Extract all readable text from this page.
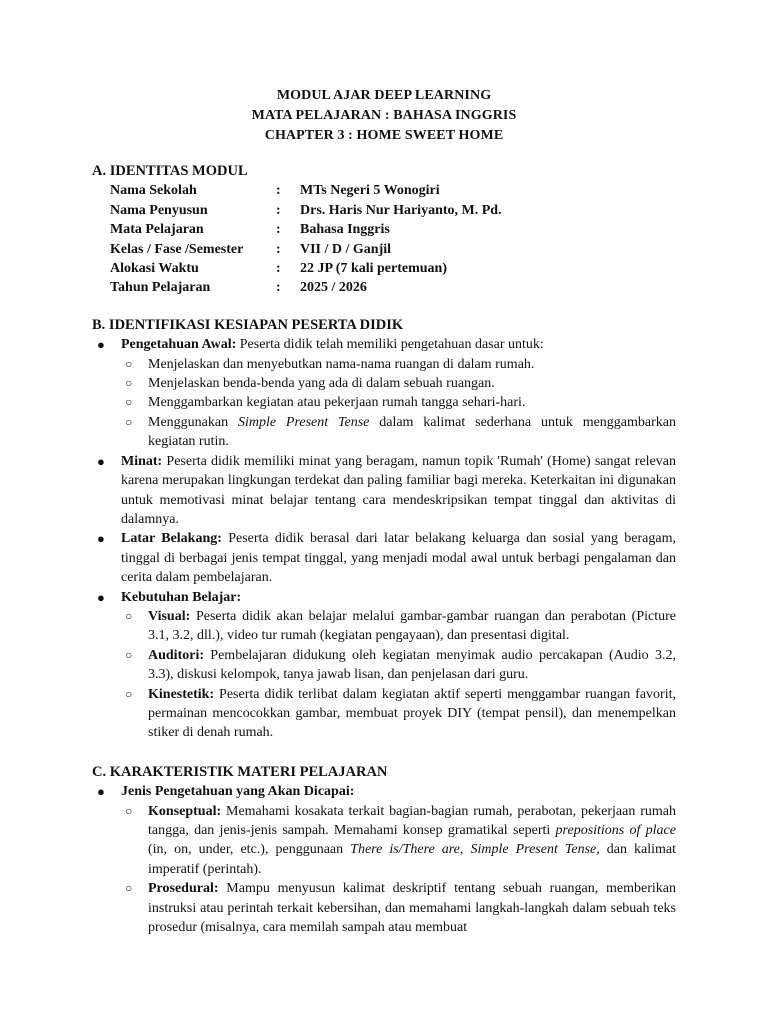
MODUL AJAR DEEP LEARNING
MATA PELAJARAN : BAHASA INGGRIS
CHAPTER 3 : HOME SWEET HOME
A. IDENTITAS MODUL
Nama Sekolah	:	MTs Negeri 5 Wonogiri
Nama Penyusun	:	Drs. Haris Nur Hariyanto, M. Pd.
Mata Pelajaran	:	Bahasa Inggris
Kelas / Fase /Semester	:	VII / D / Ganjil
Alokasi Waktu	:	22 JP (7 kali pertemuan)
Tahun Pelajaran	:	2025 / 2026
B. IDENTIFIKASI KESIAPAN PESERTA DIDIK
● Pengetahuan Awal: Peserta didik telah memiliki pengetahuan dasar untuk:
○ Menjelaskan dan menyebutkan nama-nama ruangan di dalam rumah.
○ Menjelaskan benda-benda yang ada di dalam sebuah ruangan.
○ Menggambarkan kegiatan atau pekerjaan rumah tangga sehari-hari.
○ Menggunakan Simple Present Tense dalam kalimat sederhana untuk menggambarkan kegiatan rutin.
● Minat: Peserta didik memiliki minat yang beragam, namun topik 'Rumah' (Home) sangat relevan karena merupakan lingkungan terdekat dan paling familiar bagi mereka. Keterkaitan ini digunakan untuk memotivasi minat belajar tentang cara mendeskripsikan tempat tinggal dan aktivitas di dalamnya.
● Latar Belakang: Peserta didik berasal dari latar belakang keluarga dan sosial yang beragam, tinggal di berbagai jenis tempat tinggal, yang menjadi modal awal untuk berbagi pengalaman dan cerita dalam pembelajaran.
● Kebutuhan Belajar:
○ Visual: Peserta didik akan belajar melalui gambar-gambar ruangan dan perabotan (Picture 3.1, 3.2, dll.), video tur rumah (kegiatan pengayaan), dan presentasi digital.
○ Auditori: Pembelajaran didukung oleh kegiatan menyimak audio percakapan (Audio 3.2, 3.3), diskusi kelompok, tanya jawab lisan, dan penjelasan dari guru.
○ Kinestetik: Peserta didik terlibat dalam kegiatan aktif seperti menggambar ruangan favorit, permainan mencocokkan gambar, membuat proyek DIY (tempat pensil), dan menempelkan stiker di denah rumah.
C. KARAKTERISTIK MATERI PELAJARAN
● Jenis Pengetahuan yang Akan Dicapai:
○ Konseptual: Memahami kosakata terkait bagian-bagian rumah, perabotan, pekerjaan rumah tangga, dan jenis-jenis sampah. Memahami konsep gramatikal seperti prepositions of place (in, on, under, etc.), penggunaan There is/There are, Simple Present Tense, dan kalimat imperatif (perintah).
○ Prosedural: Mampu menyusun kalimat deskriptif tentang sebuah ruangan, memberikan instruksi atau perintah terkait kebersihan, dan memahami langkah-langkah dalam sebuah teks prosedur (misalnya, cara memilah sampah atau membuat
